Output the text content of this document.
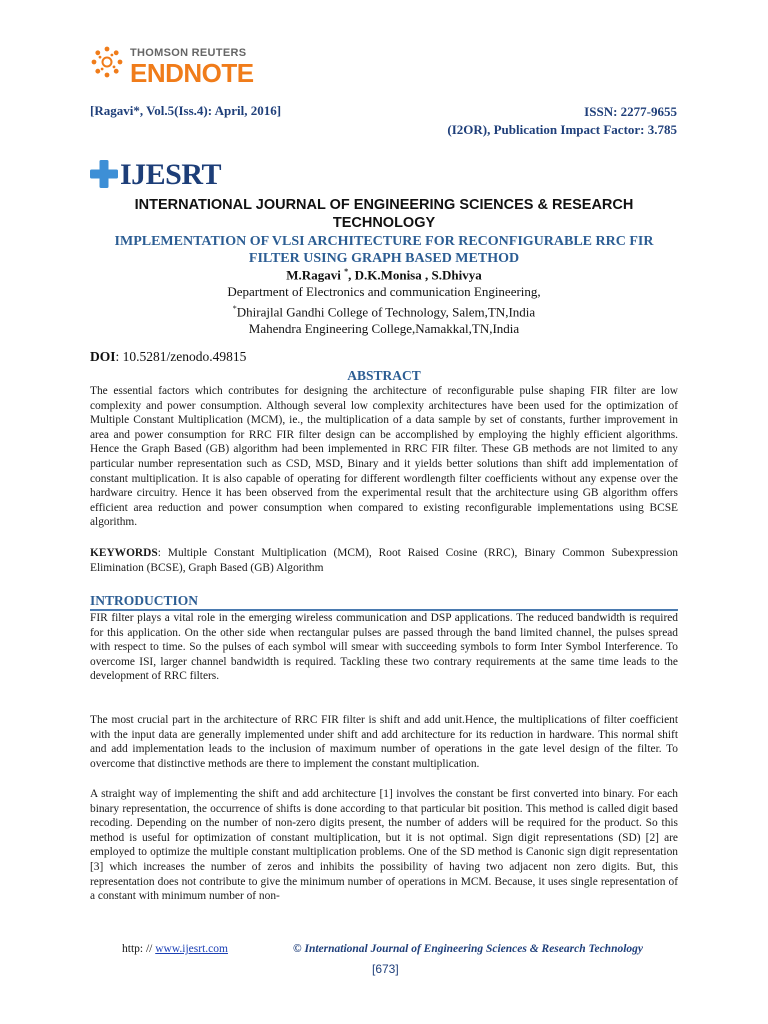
THOMSON REUTERS
ENDNOTE
[Ragavi*, Vol.5(Iss.4): April, 2016]	ISSN: 2277-9655
(I2OR), Publication Impact Factor: 3.785
IJESRT
INTERNATIONAL JOURNAL OF ENGINEERING SCIENCES & RESEARCH TECHNOLOGY
IMPLEMENTATION OF VLSI ARCHITECTURE FOR RECONFIGURABLE RRC FIR
FILTER USING GRAPH BASED METHOD
M.Ragavi *, D.K.Monisa , S.Dhivya
Department of Electronics and communication Engineering,
*Dhirajlal Gandhi College of Technology, Salem,TN,India
Mahendra Engineering College,Namakkal,TN,India
DOI: 10.5281/zenodo.49815
ABSTRACT
The essential factors which contributes for designing the architecture of reconfigurable pulse shaping FIR filter are low complexity and power consumption. Although several low complexity architectures have been used for the optimization of Multiple Constant Multiplication (MCM), ie., the multiplication of a data sample by set of constants, further improvement in area and power consumption for RRC FIR filter design can be accomplished by employing the highly efficient algorithms. Hence the Graph Based (GB) algorithm had been implemented in RRC FIR filter. These GB methods are not limited to any particular number representation such as CSD, MSD, Binary and it yields better solutions than shift add implementation of constant multiplication. It is also capable of operating for different wordlength filter coefficients without any expense over the hardware circuitry. Hence it has been observed from the experimental result that the architecture using GB algorithm offers efficient area reduction and power consumption when compared to existing reconfigurable implementations using BCSE algorithm.
KEYWORDS: Multiple Constant Multiplication (MCM), Root Raised Cosine (RRC), Binary Common Subexpression Elimination (BCSE), Graph Based (GB) Algorithm
INTRODUCTION
FIR filter plays a vital role in the emerging wireless communication and DSP applications. The reduced bandwidth is required for this application. On the other side when rectangular pulses are passed through the band limited channel, the pulses spread with respect to time. So the pulses of each symbol will smear with succeeding symbols to form Inter Symbol Interference. To overcome ISI, larger channel bandwidth is required. Tackling these two contrary requirements at the same time leads to the development of RRC filters.
The most crucial part in the architecture of RRC FIR filter is shift and add unit.Hence, the multiplications of filter coefficient with the input data are generally implemented under shift and add architecture for its reduction in hardware. This normal shift and add implementation leads to the inclusion of maximum number of operations in the gate level design of the filter. To overcome that distinctive methods are there to implement the constant multiplication.
A straight way of implementing the shift and add architecture [1] involves the constant be first converted into binary. For each binary representation, the occurrence of shifts is done according to that particular bit position. This method is called digit based recoding. Depending on the number of non-zero digits present, the number of adders will be required for the product. So this method is useful for optimization of constant multiplication, but it is not optimal. Sign digit representations (SD) [2] are employed to optimize the multiple constant multiplication problems. One of the SD method is Canonic sign digit representation [3] which increases the number of zeros and inhibits the possibility of having two adjacent non zero digits. But, this representation does not contribute to give the minimum number of operations in MCM. Because, it uses single representation of a constant with minimum number of non-
http: // www.ijesrt.com	© International Journal of Engineering Sciences & Research Technology
[673]
